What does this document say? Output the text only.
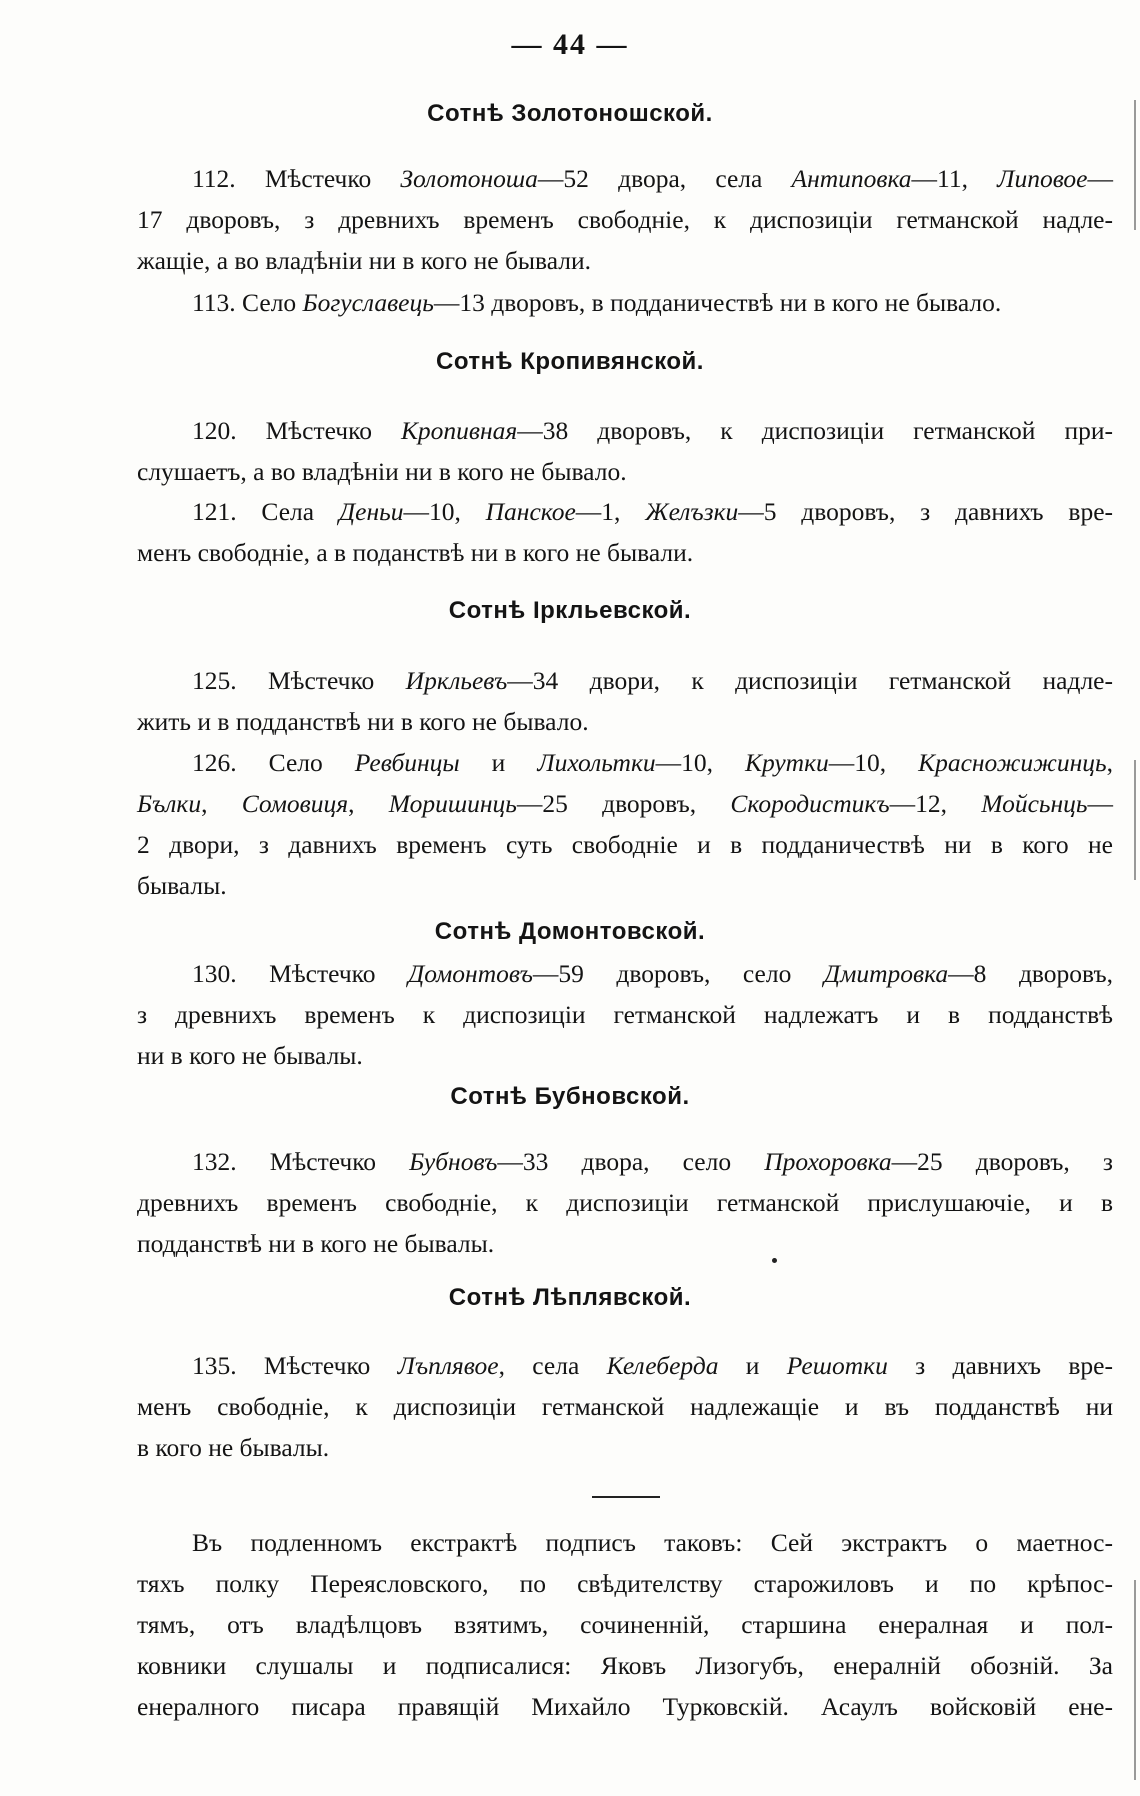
— 44 —
Сотнѣ Золотоношской.
112. Мѣстечко Золотоноша—52 двора, села Антиповка—11, Липовое—
17 дворовъ, з древнихъ временъ свободніе, к диспозиціи гетманской надле-
жащіе, а во владѣніи ни в кого не бывали.
113. Село Богуславець—13 дворовъ, в подданичествѣ ни в кого не бывало.
Сотнѣ Кропивянской.
120. Мѣстечко Кропивная—38 дворовъ, к диспозиціи гетманской при-
слушаетъ, а во владѣніи ни в кого не бывало.
121. Села Деньи—10, Панское—1, Желъзки—5 дворовъ, з давнихъ вре-
менъ свободніе, а в поданствѣ ни в кого не бывали.
Сотнѣ Іркльевской.
125. Мѣстечко Иркльевъ—34 двори, к диспозиціи гетманской надле-
жить и в подданствѣ ни в кого не бывало.
126. Село Ревбинцы и Лихольтки—10, Крутки—10, Красножижинць,
Бълки, Сомовиця, Моришинць—25 дворовъ, Скородистикъ—12, Мойсьнць—
2 двори, з давнихъ временъ суть свободніе и в подданичествѣ ни в кого не
бывалы.
Сотнѣ Домонтовской.
130. Мѣстечко Домонтовъ—59 дворовъ, село Дмитровка—8 дворовъ,
з древнихъ временъ к диспозиціи гетманской надлежатъ и в подданствѣ
ни в кого не бывалы.
Сотнѣ Бубновской.
132. Мѣстечко Бубновъ—33 двора, село Прохоровка—25 дворовъ, з
древнихъ временъ свободніе, к диспозиціи гетманской прислушаючіе, и в
подданствѣ ни в кого не бывалы.
Сотнѣ Лѣплявской.
135. Мѣстечко Лъплявое, села Келеберда и Решотки з давнихъ вре-
менъ свободніе, к диспозиціи гетманской надлежащіе и въ подданствѣ ни
в кого не бывалы.
Въ подленномъ екстрактѣ подписъ таковъ: Сей экстрактъ о маетнос-
тяхъ полку Переясловского, по свѣдителству старожиловъ и по крѣпос-
тямъ, отъ владѣлцовъ взятимъ, сочиненній, старшина енералная и пол-
ковники слушалы и подписалися: Яковъ Лизогубъ, енералній обозній. За
енералного писара правящій Михайло Турковскій. Асаулъ войсковій ене-
